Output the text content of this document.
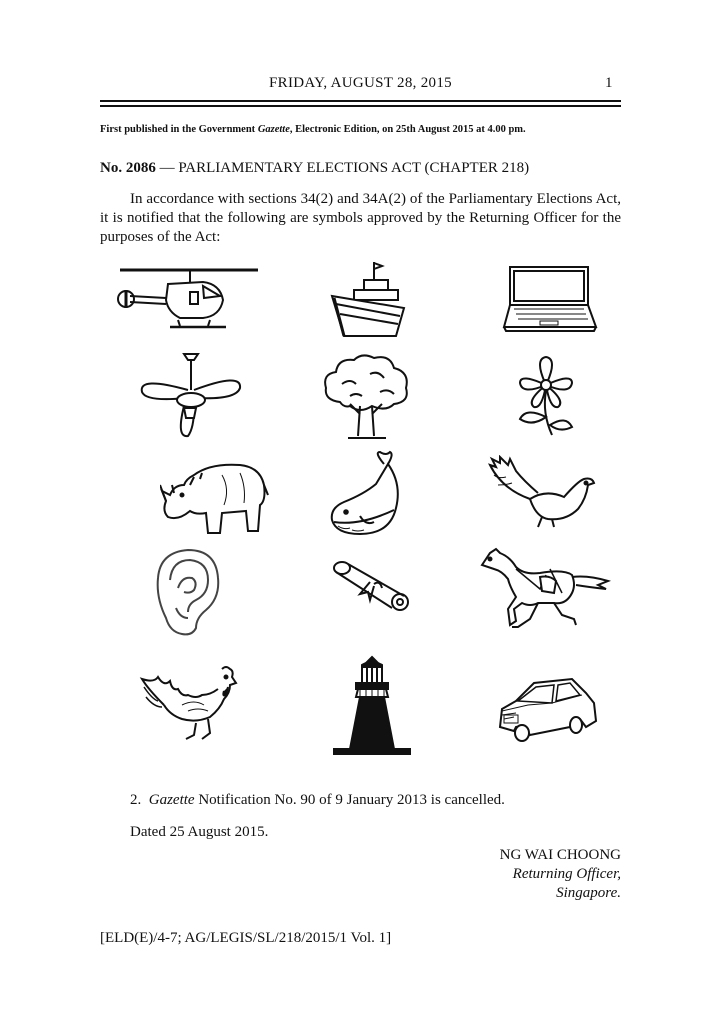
FRIDAY, AUGUST 28, 2015	1
First published in the Government Gazette, Electronic Edition, on 25th August 2015 at 4.00 pm.
No. 2086 — PARLIAMENTARY ELECTIONS ACT (CHAPTER 218)
In accordance with sections 34(2) and 34A(2) of the Parliamentary Elections Act, it is notified that the following are symbols approved by the Returning Officer for the purposes of the Act:
2. Gazette Notification No. 90 of 9 January 2013 is cancelled.
Dated 25 August 2015.
NG WAI CHOONG
Returning Officer,
Singapore.
[ELD(E)/4-7; AG/LEGIS/SL/218/2015/1 Vol. 1]
